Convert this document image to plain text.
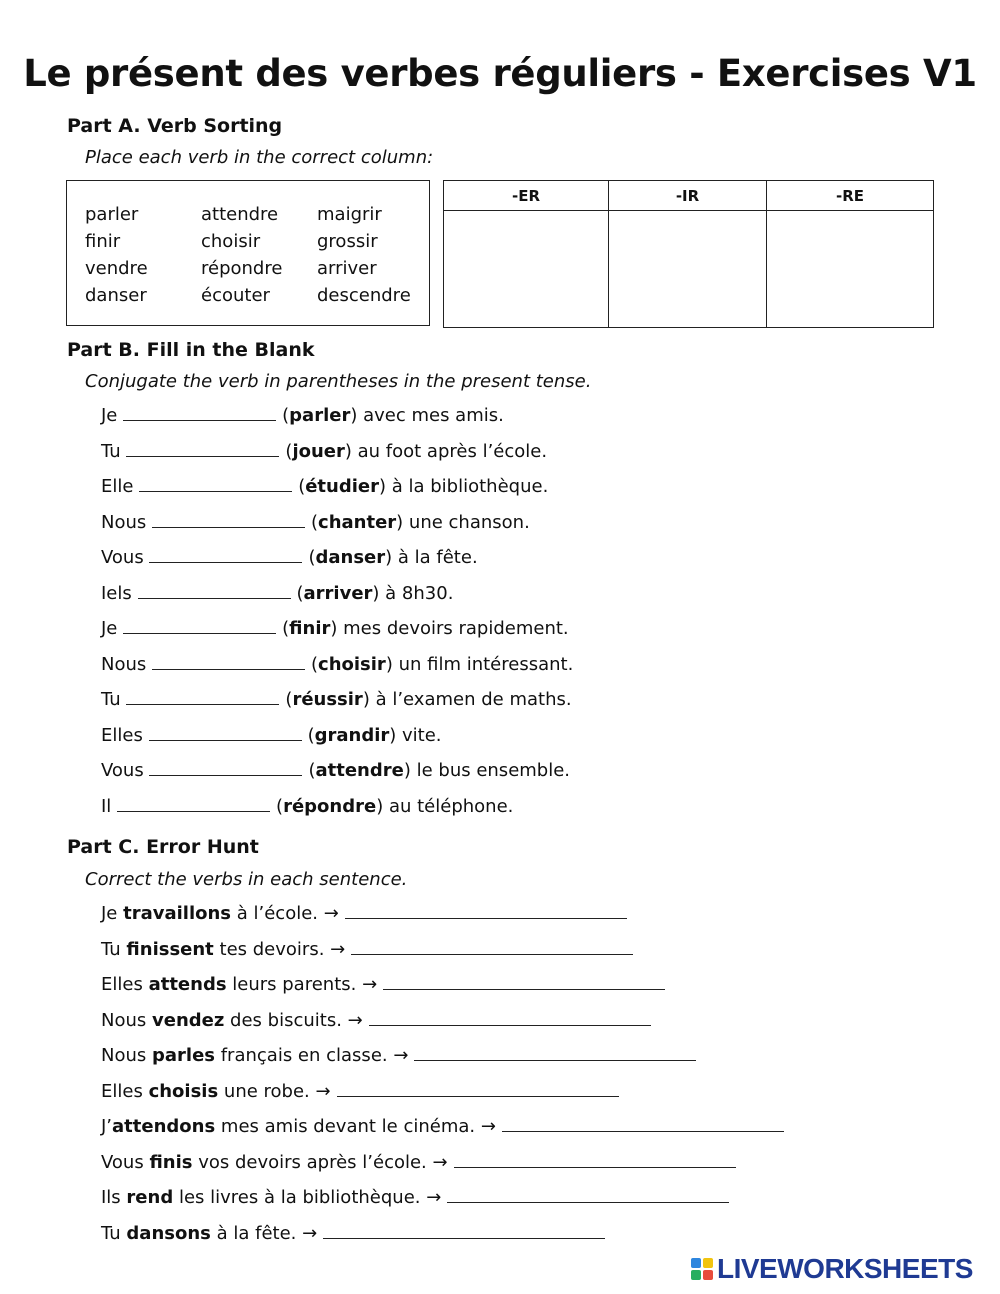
Le présent des verbes réguliers - Exercises V1
Part A. Verb Sorting
Place each verb in the correct column:
parler
finir
vendre
danser
attendre
choisir
répondre
écouter
maigrir
grossir
arriver
descendre
-ER	-IR	-RE

Part B. Fill in the Blank
Conjugate the verb in parentheses in the present tense.
Je	(parler) avec mes amis.
Tu	(jouer) au foot après l’école.
Elle	(étudier) à la bibliothèque.
Nous	(chanter) une chanson.
Vous	(danser) à la fête.
Iels	(arriver) à 8h30.
Je	(finir) mes devoirs rapidement.
Nous	(choisir) un film intéressant.
Tu	(réussir) à l’examen de maths.
Elles	(grandir) vite.
Vous	(attendre) le bus ensemble.
Il	(répondre) au téléphone.
Part C. Error Hunt
Correct the verbs in each sentence.
Je travaillons à l’école. →
Tu finissent tes devoirs. →
Elles attends leurs parents. →
Nous vendez des biscuits. →
Nous parles français en classe. →
Elles choisis une robe. →
J’attendons mes amis devant le cinéma. →
Vous finis vos devoirs après l’école. →
Ils rend les livres à la bibliothèque. →
Tu dansons à la fête. →
LIVEWORKSHEETS
